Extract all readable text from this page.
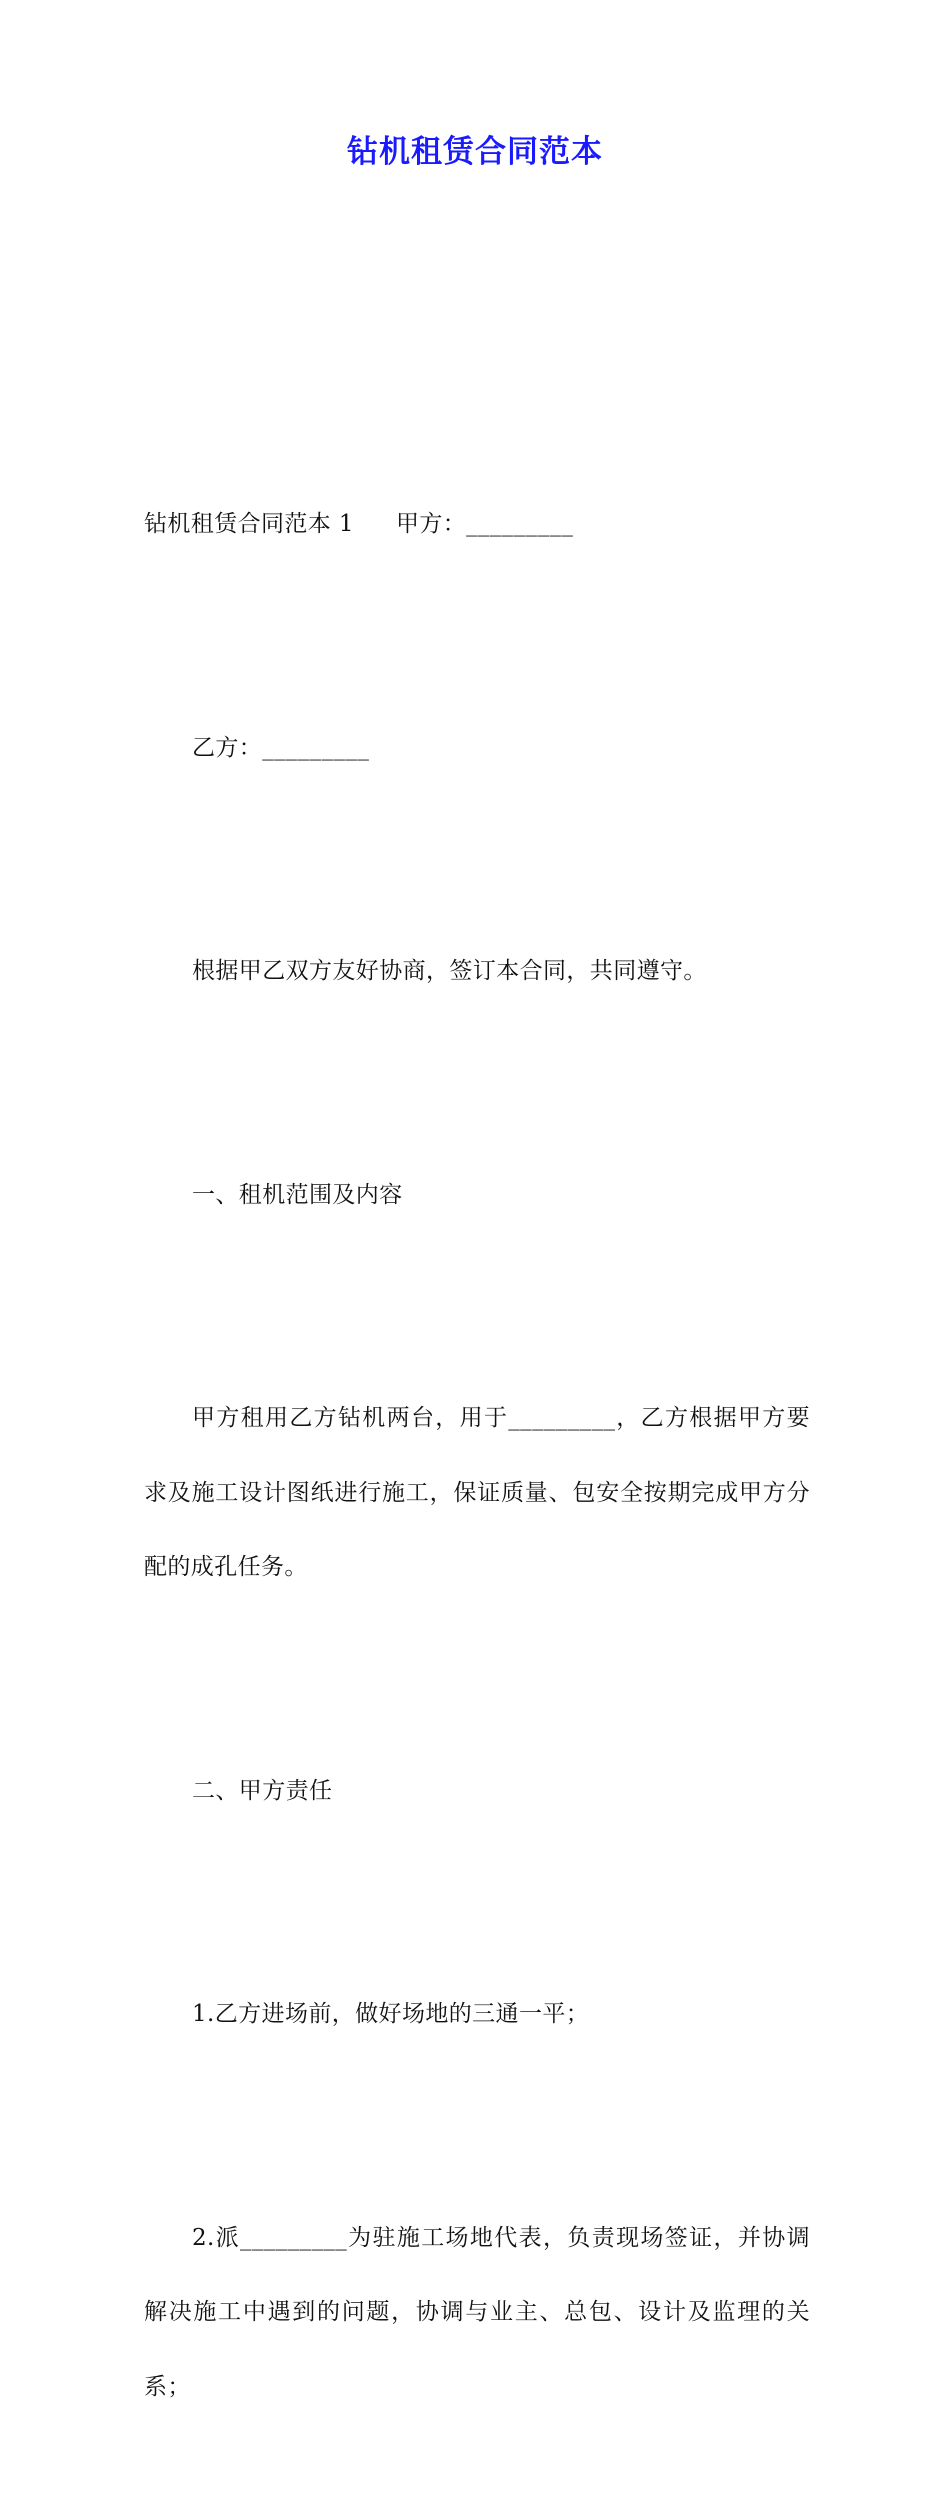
钻机租赁合同范本

钻机租赁合同范本 1 甲方：_________

乙方：_________

根据甲乙双方友好协商，签订本合同，共同遵守。

一、租机范围及内容

甲方租用乙方钻机两台，用于_________，乙方根据甲方要求及施工设计图纸进行施工，保证质量、包安全按期完成甲方分配的成孔任务。

二、甲方责任

1.乙方进场前，做好场地的三通一平；

2.派_________为驻施工场地代表，负责现场签证，并协调解决施工中遇到的问题，协调与业主、总包、设计及监理的关系；
